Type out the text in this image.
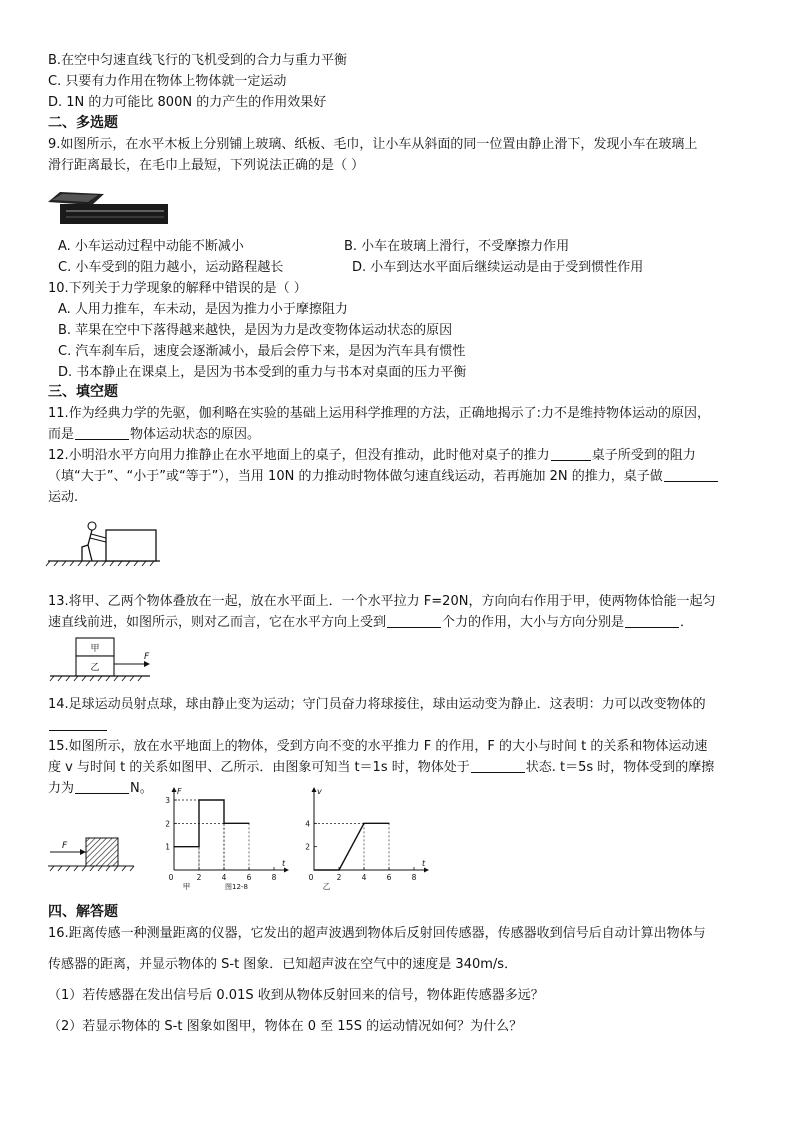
B.在空中匀速直线飞行的飞机受到的合力与重力平衡
C. 只要有力作用在物体上物体就一定运动
D. 1N 的力可能比 800N 的力产生的作用效果好
二、多选题
9.如图所示，在水平木板上分别铺上玻璃、纸板、毛巾，让小车从斜面的同一位置由静止滑下，发现小车在玻璃上
滑行距离最长，在毛巾上最短，下列说法正确的是（ ）
A. 小车运动过程中动能不断减小	B. 小车在玻璃上滑行，不受摩擦力作用
C. 小车受到的阻力越小，运动路程越长	D. 小车到达水平面后继续运动是由于受到惯性作用
10.下列关于力学现象的解释中错误的是（ ）
A. 人用力推车，车未动，是因为推力小于摩擦阻力
B. 苹果在空中下落得越来越快，是因为力是改变物体运动状态的原因
C. 汽车刹车后，速度会逐渐减小，最后会停下来，是因为汽车具有惯性
D. 书本静止在课桌上，是因为书本受到的重力与书本对桌面的压力平衡
三、填空题
11.作为经典力学的先驱，伽利略在实验的基础上运用科学推理的方法，正确地揭示了:力不是维持物体运动的原因，
而是	物体运动状态的原因。
12.小明沿水平方向用力推静止在水平地面上的桌子，但没有推动，此时他对桌子的推力	桌子所受到的阻力
（填“大于”、“小于”或“等于”），当用 10N 的力推动时物体做匀速直线运动，若再施加 2N 的推力，桌子做
运动.
13.将甲、乙两个物体叠放在一起，放在水平面上．一个水平拉力 F=20N，方向向右作用于甲，使两物体恰能一起匀
速直线前进，如图所示，则对乙而言，它在水平方向上受到	个力的作用，大小与方向分别是	．
甲
乙
F
14.足球运动员射点球，球由静止变为运动；守门员奋力将球接住，球由运动变为静止．这表明：力可以改变物体的
15.如图所示，放在水平地面上的物体，受到方向不变的水平推力 F 的作用，F 的大小与时间 t 的关系和物体运动速
度 v 与时间 t 的关系如图甲、乙所示．由图象可知当 t＝1s 时，物体处于	状态. t＝5s 时，物体受到的摩擦
力为	N。
F
t
F
0	2	4	6	8
1
2
3
甲	图12-8
t
v
0	2	4	6	8
2
4
乙
四、解答题
16.距离传感一种测量距离的仪器，它发出的超声波遇到物体后反射回传感器，传感器收到信号后自动计算出物体与
传感器的距离，并显示物体的 S-t 图象．已知超声波在空气中的速度是 340m/s．
（1）若传感器在发出信号后 0.01S 收到从物体反射回来的信号，物体距传感器多远？
（2）若显示物体的 S-t 图象如图甲，物体在 0 至 15S 的运动情况如何？为什么？
